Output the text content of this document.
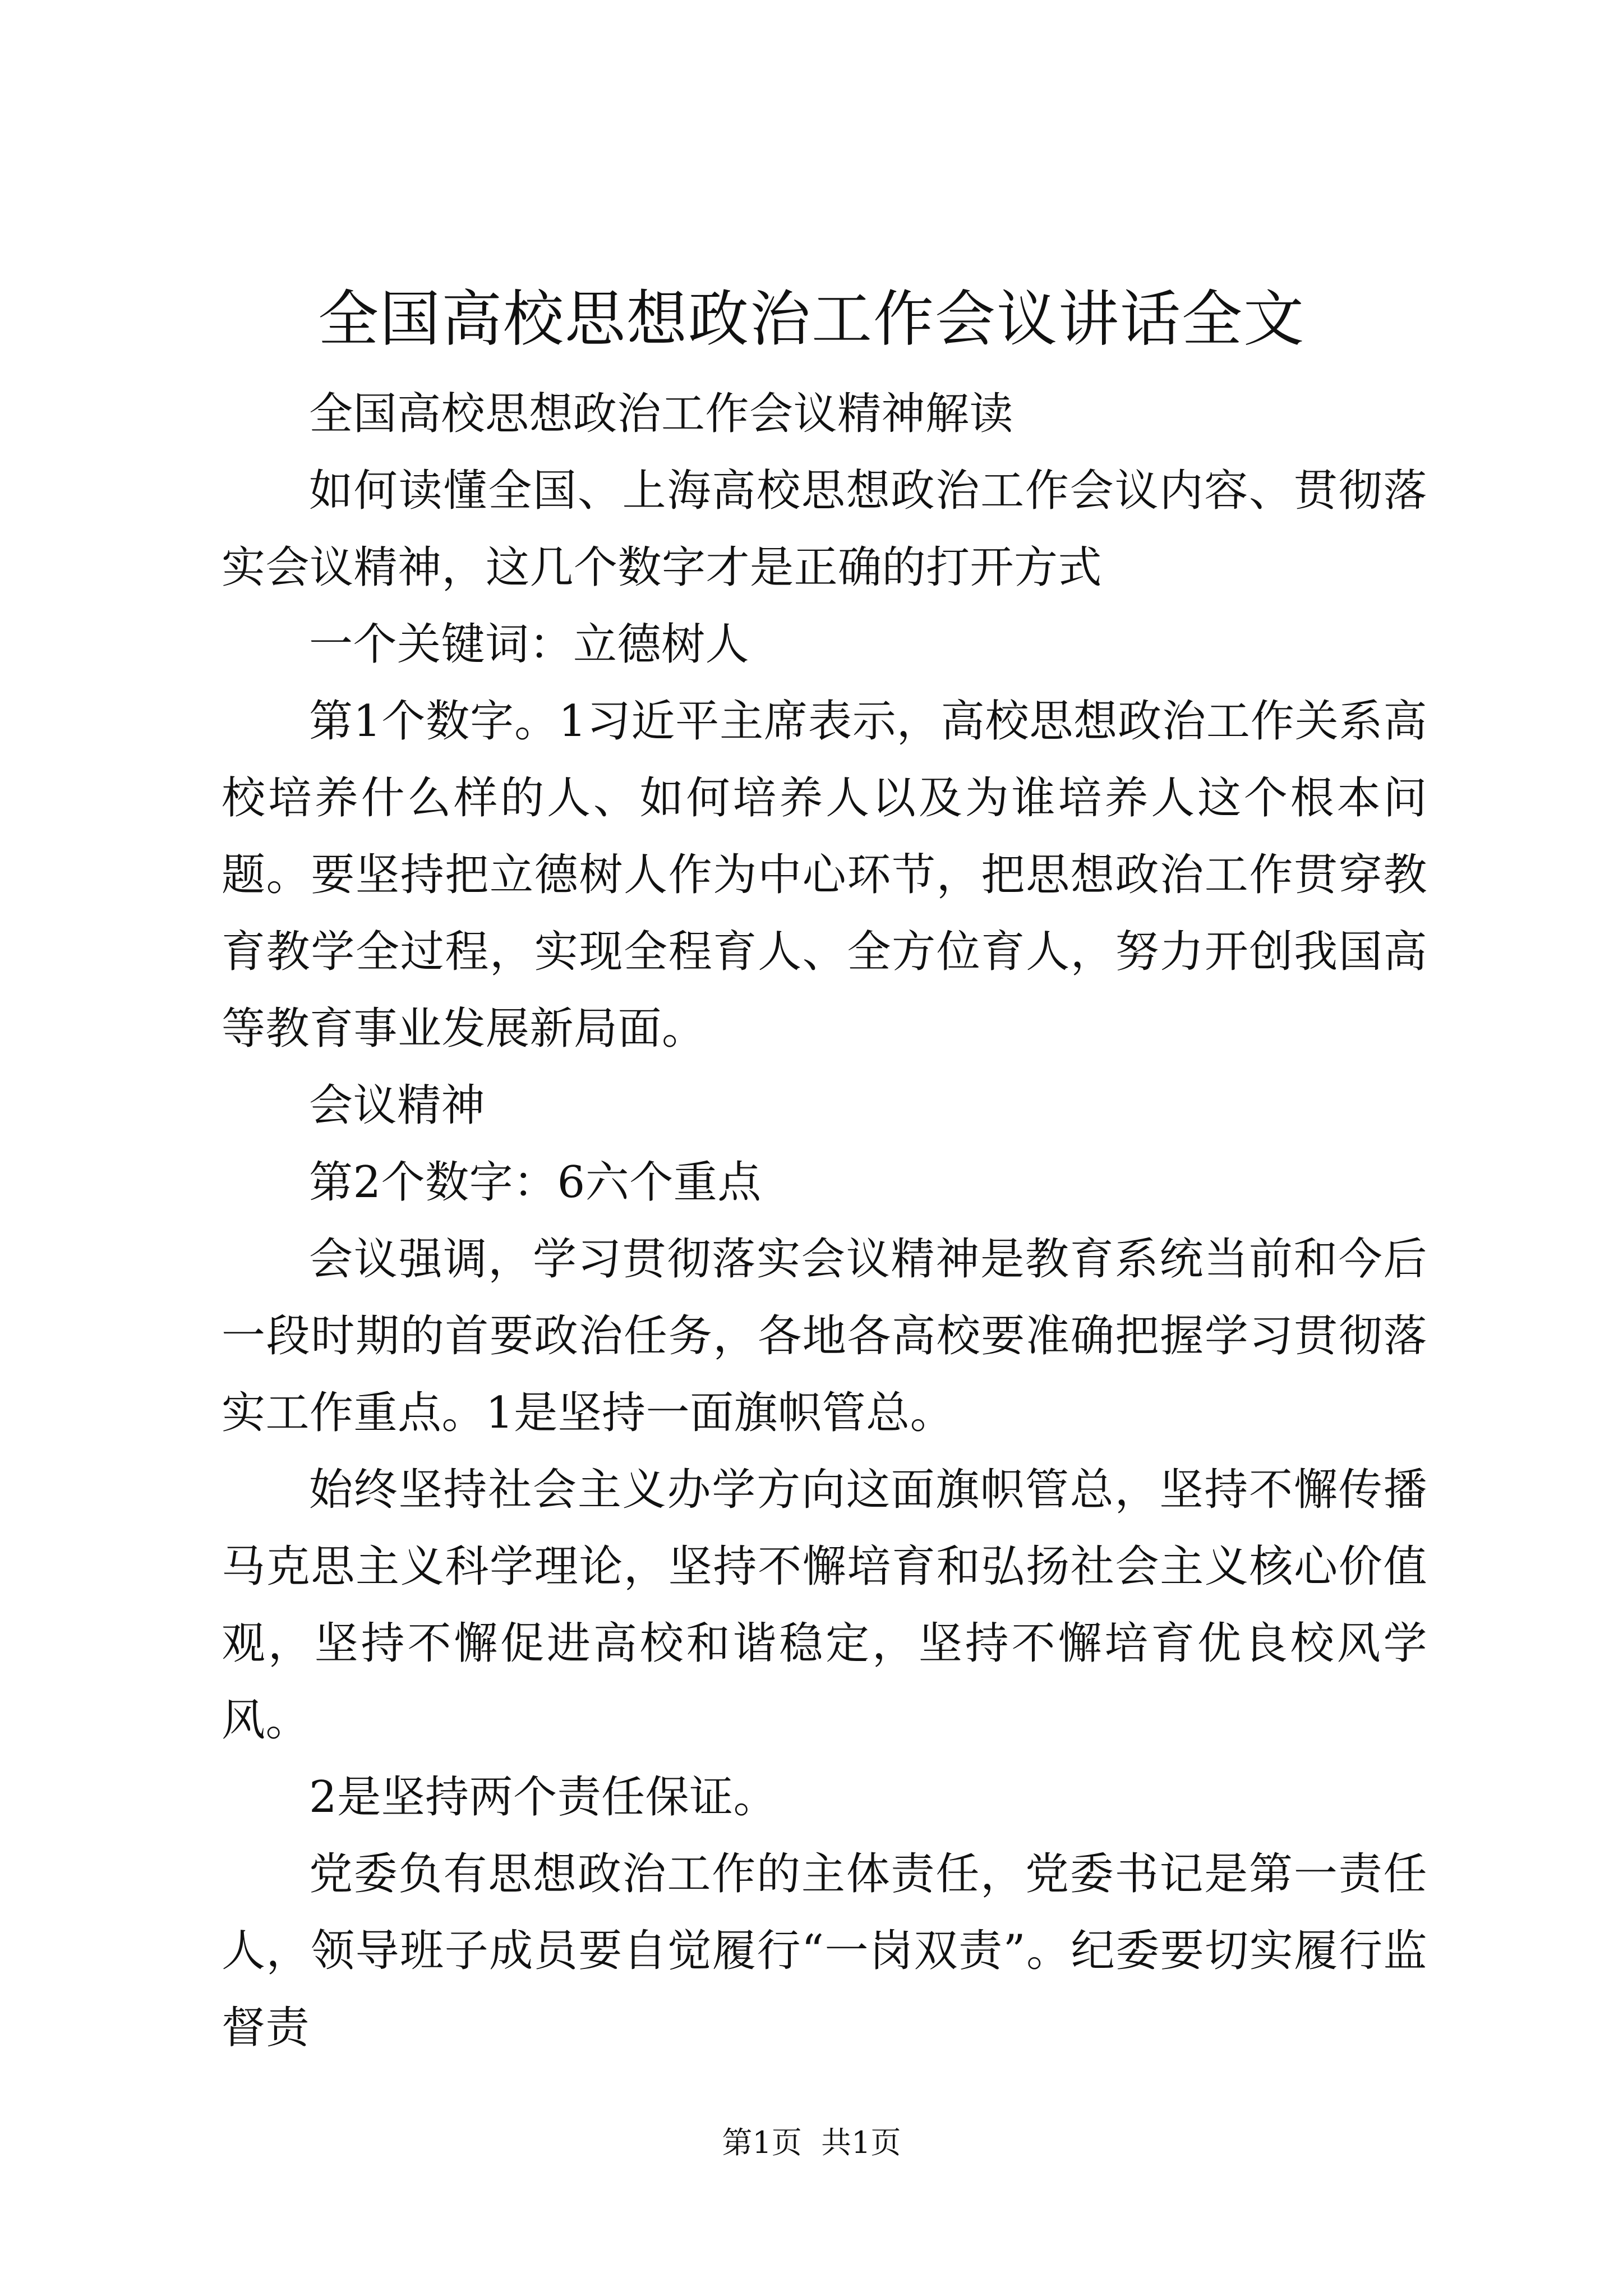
全国高校思想政治工作会议讲话全文

全国高校思想政治工作会议精神解读

如何读懂全国、上海高校思想政治工作会议内容、贯彻落实会议精神，这几个数字才是正确的打开方式

一个关键词：立德树人

第1个数字。1习近平主席表示，高校思想政治工作关系高校培养什么样的人、如何培养人以及为谁培养人这个根本问题。要坚持把立德树人作为中心环节，把思想政治工作贯穿教育教学全过程，实现全程育人、全方位育人，努力开创我国高等教育事业发展新局面。

会议精神

第2个数字：6六个重点

会议强调，学习贯彻落实会议精神是教育系统当前和今后一段时期的首要政治任务，各地各高校要准确把握学习贯彻落实工作重点。1是坚持一面旗帜管总。

始终坚持社会主义办学方向这面旗帜管总，坚持不懈传播马克思主义科学理论，坚持不懈培育和弘扬社会主义核心价值观，坚持不懈促进高校和谐稳定，坚持不懈培育优良校风学风。

2是坚持两个责任保证。

党委负有思想政治工作的主体责任，党委书记是第一责任人，领导班子成员要自觉履行“一岗双责”。纪委要切实履行监督责

第1页  共1页
